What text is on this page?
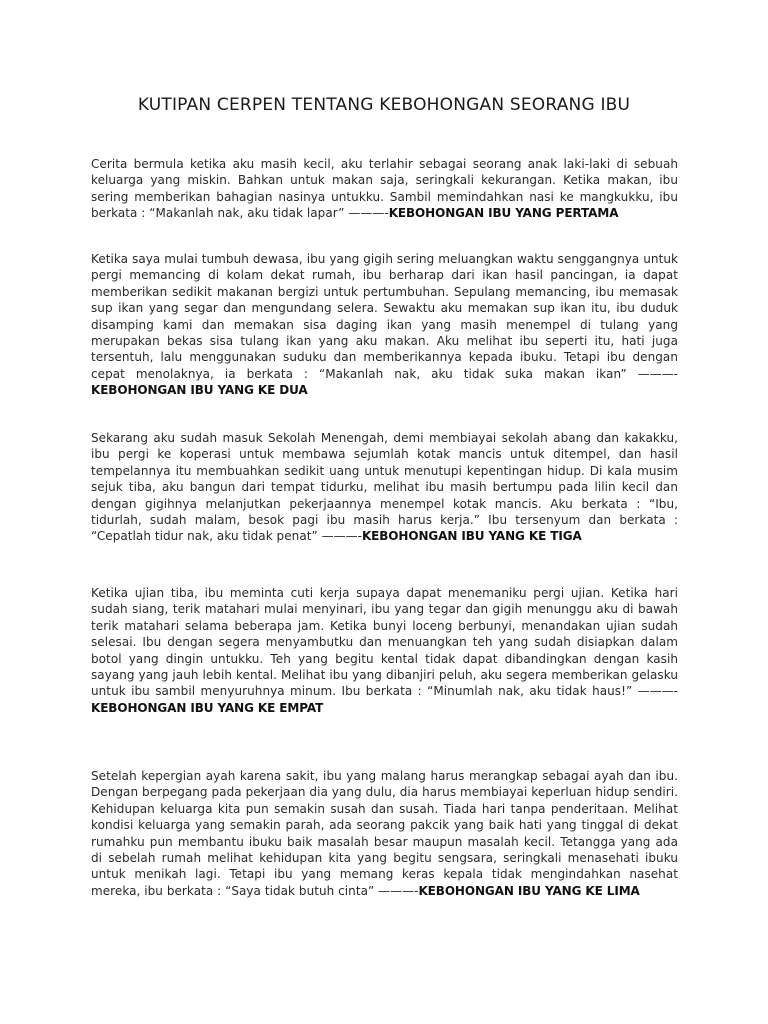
KUTIPAN CERPEN TENTANG KEBOHONGAN SEORANG IBU
Cerita bermula ketika aku masih kecil, aku terlahir sebagai seorang anak laki-laki di sebuah keluarga yang miskin. Bahkan untuk makan saja, seringkali kekurangan. Ketika makan, ibu sering memberikan bahagian nasinya untukku. Sambil memindahkan nasi ke mangkukku, ibu berkata : “Makanlah nak, aku tidak lapar” ———-KEBOHONGAN IBU YANG PERTAMA
Ketika saya mulai tumbuh dewasa, ibu yang gigih sering meluangkan waktu senggangnya untuk pergi memancing di kolam dekat rumah, ibu berharap dari ikan hasil pancingan, ia dapat memberikan sedikit makanan bergizi untuk pertumbuhan. Sepulang memancing, ibu memasak sup ikan yang segar dan mengundang selera. Sewaktu aku memakan sup ikan itu, ibu duduk disamping kami dan memakan sisa daging ikan yang masih menempel di tulang yang merupakan bekas sisa tulang ikan yang aku makan. Aku melihat ibu seperti itu, hati juga tersentuh, lalu menggunakan suduku dan memberikannya kepada ibuku. Tetapi ibu dengan cepat menolaknya, ia berkata : “Makanlah nak, aku tidak suka makan ikan” ———-KEBOHONGAN IBU YANG KE DUA
Sekarang aku sudah masuk Sekolah Menengah, demi membiayai sekolah abang dan kakakku, ibu pergi ke koperasi untuk membawa sejumlah kotak mancis untuk ditempel, dan hasil tempelannya itu membuahkan sedikit uang untuk menutupi kepentingan hidup. Di kala musim sejuk tiba, aku bangun dari tempat tidurku, melihat ibu masih bertumpu pada lilin kecil dan dengan gigihnya melanjutkan pekerjaannya menempel kotak mancis. Aku berkata : “Ibu, tidurlah, sudah malam, besok pagi ibu masih harus kerja.” Ibu tersenyum dan berkata : “Cepatlah tidur nak, aku tidak penat” ———-KEBOHONGAN IBU YANG KE TIGA
Ketika ujian tiba, ibu meminta cuti kerja supaya dapat menemaniku pergi ujian. Ketika hari sudah siang, terik matahari mulai menyinari, ibu yang tegar dan gigih menunggu aku di bawah terik matahari selama beberapa jam. Ketika bunyi loceng berbunyi, menandakan ujian sudah selesai. Ibu dengan segera menyambutku dan menuangkan teh yang sudah disiapkan dalam botol yang dingin untukku. Teh yang begitu kental tidak dapat dibandingkan dengan kasih sayang yang jauh lebih kental. Melihat ibu yang dibanjiri peluh, aku segera memberikan gelasku untuk ibu sambil menyuruhnya minum. Ibu berkata : “Minumlah nak, aku tidak haus!” ———-KEBOHONGAN IBU YANG KE EMPAT
Setelah kepergian ayah karena sakit, ibu yang malang harus merangkap sebagai ayah dan ibu. Dengan berpegang pada pekerjaan dia yang dulu, dia harus membiayai keperluan hidup sendiri. Kehidupan keluarga kita pun semakin susah dan susah. Tiada hari tanpa penderitaan. Melihat kondisi keluarga yang semakin parah, ada seorang pakcik yang baik hati yang tinggal di dekat rumahku pun membantu ibuku baik masalah besar maupun masalah kecil. Tetangga yang ada di sebelah rumah melihat kehidupan kita yang begitu sengsara, seringkali menasehati ibuku untuk menikah lagi. Tetapi ibu yang memang keras kepala tidak mengindahkan nasehat mereka, ibu berkata : “Saya tidak butuh cinta” ———-KEBOHONGAN IBU YANG KE LIMA
